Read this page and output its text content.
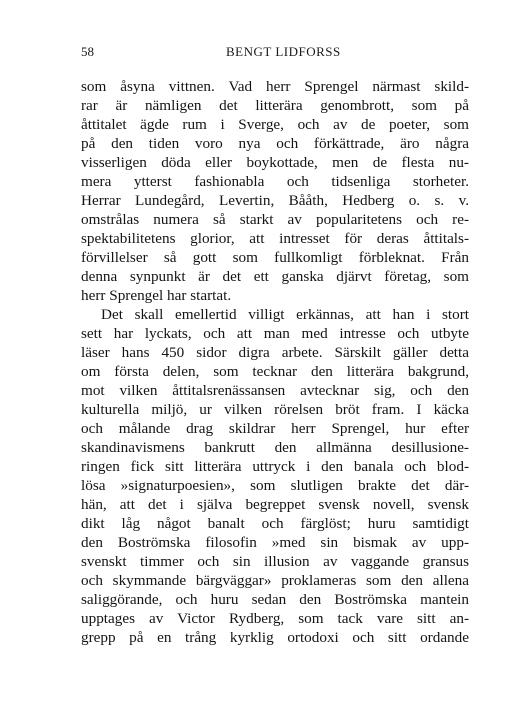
58	BENGT LIDFORSS
som åsyna vittnen. Vad herr Sprengel närmast skild-
rar är nämligen det litterära genombrott, som på
åttitalet ägde rum i Sverge, och av de poeter, som
på den tiden voro nya och förkättrade, äro några
visserligen döda eller boykottade, men de flesta nu-
mera ytterst fashionabla och tidsenliga storheter.
Herrar Lundegård, Levertin, Bååth, Hedberg o. s. v.
omstrålas numera så starkt av popularitetens och re-
spektabilitetens glorior, att intresset för deras åttitals-
förvillelser så gott som fullkomligt förbleknat. Från
denna synpunkt är det ett ganska djärvt företag, som
herr Sprengel har startat.
Det skall emellertid villigt erkännas, att han i stort
sett har lyckats, och att man med intresse och utbyte
läser hans 450 sidor digra arbete. Särskilt gäller detta
om första delen, som tecknar den litterära bakgrund,
mot vilken åttitalsrenässansen avtecknar sig, och den
kulturella miljö, ur vilken rörelsen bröt fram. I käcka
och målande drag skildrar herr Sprengel, hur efter
skandinavismens bankrutt den allmänna desillusione-
ringen fick sitt litterära uttryck i den banala och blod-
lösa »signaturpoesien», som slutligen brakte det där-
hän, att det i själva begreppet svensk novell, svensk
dikt låg något banalt och färglöst; huru samtidigt
den Boströmska filosofin »med sin bismak av upp-
svenskt timmer och sin illusion av vaggande gransus
och skymmande bärgväggar» proklameras som den allena
saliggörande, och huru sedan den Boströmska mantein
upptages av Victor Rydberg, som tack vare sitt an-
grepp på en trång kyrklig ortodoxi och sitt ordande
